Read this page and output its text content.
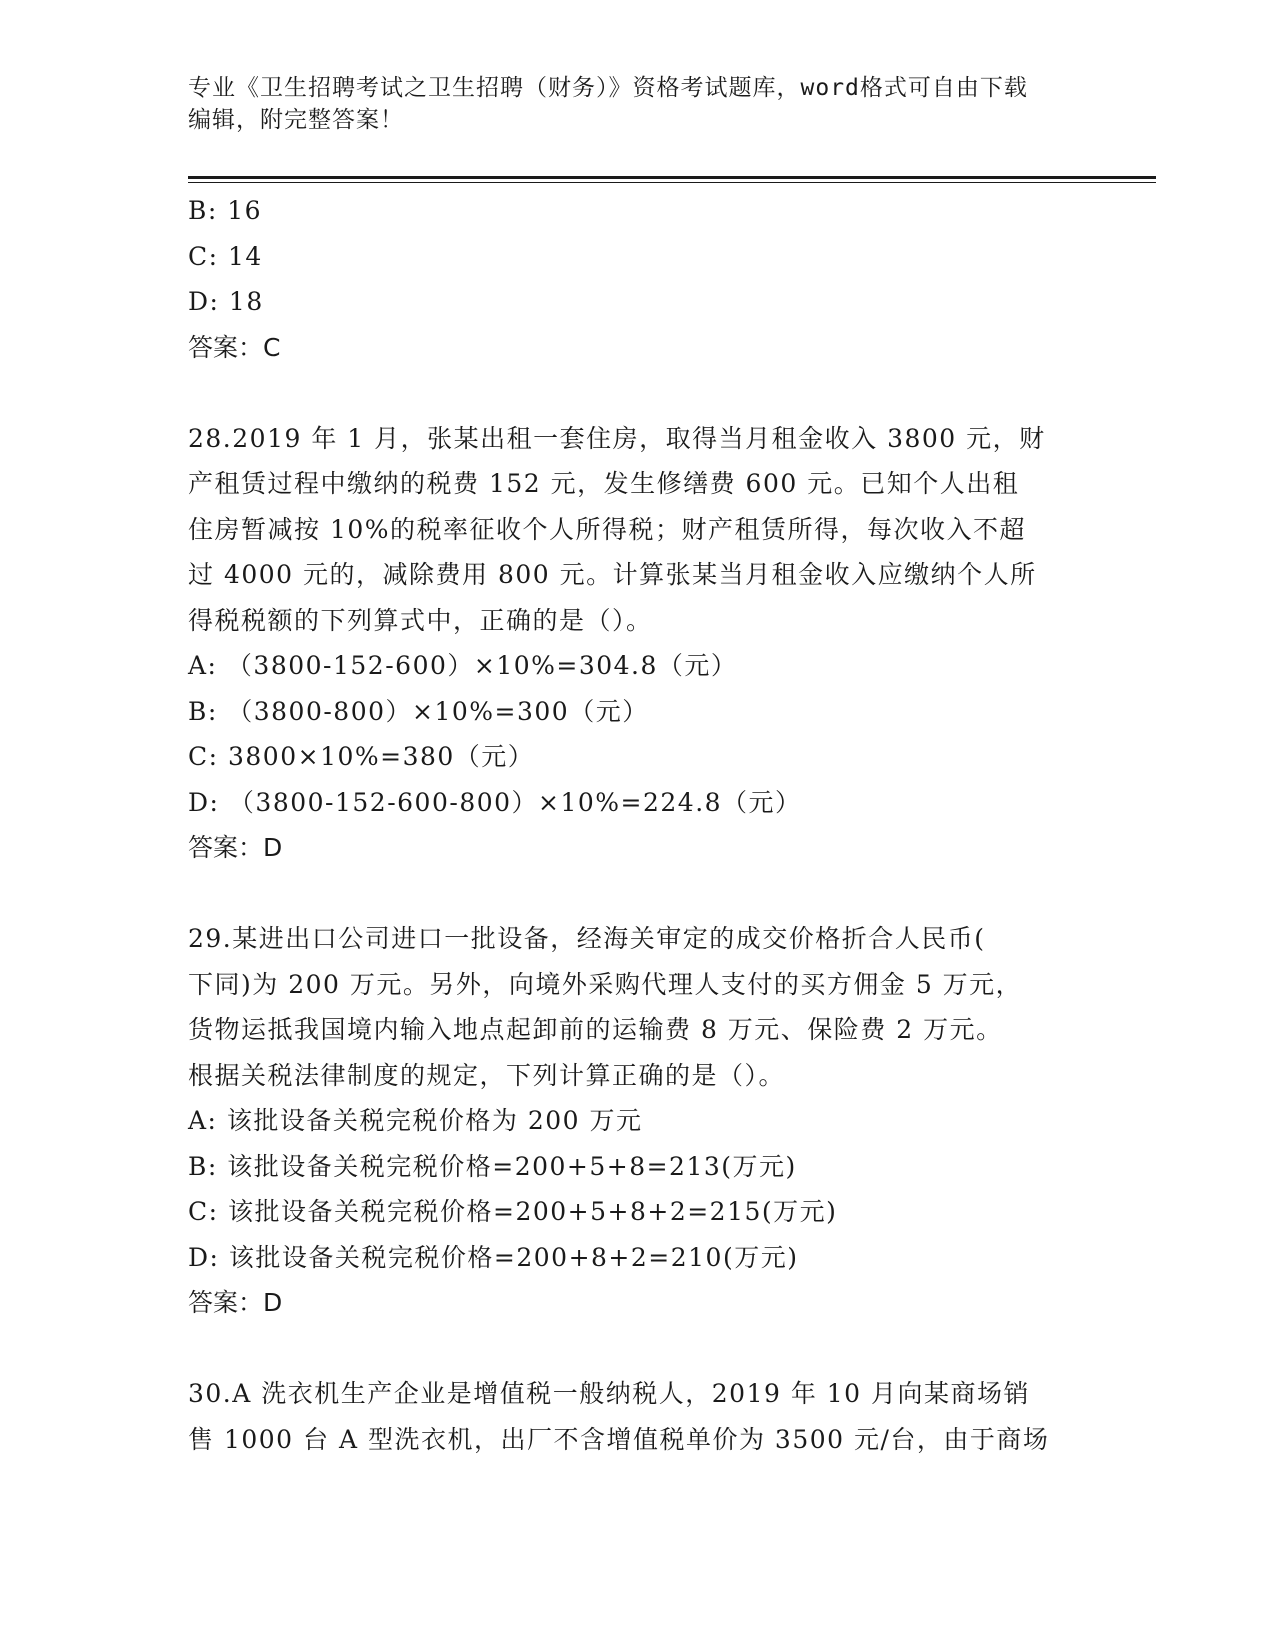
专业《卫生招聘考试之卫生招聘（财务）》资格考试题库，word格式可自由下载
编辑，附完整答案！
B: 16
C: 14
D: 18
答案：C
28.2019 年 1 月，张某出租一套住房，取得当月租金收入 3800 元，财
产租赁过程中缴纳的税费 152 元，发生修缮费 600 元。已知个人出租
住房暂减按 10%的税率征收个人所得税；财产租赁所得，每次收入不超
过 4000 元的，减除费用 800 元。计算张某当月租金收入应缴纳个人所
得税税额的下列算式中，正确的是（）。
A: （3800-152-600）×10%=304.8（元）
B: （3800-800）×10%=300（元）
C: 3800×10%=380（元）
D: （3800-152-600-800）×10%=224.8（元）
答案：D
29.某进出口公司进口一批设备，经海关审定的成交价格折合人民币(
下同)为 200 万元。另外，向境外采购代理人支付的买方佣金 5 万元，
货物运抵我国境内输入地点起卸前的运输费 8 万元、保险费 2 万元。
根据关税法律制度的规定，下列计算正确的是（）。
A: 该批设备关税完税价格为 200 万元
B: 该批设备关税完税价格=200+5+8=213(万元)
C: 该批设备关税完税价格=200+5+8+2=215(万元)
D: 该批设备关税完税价格=200+8+2=210(万元)
答案：D
30.A 洗衣机生产企业是增值税一般纳税人，2019 年 10 月向某商场销
售 1000 台 A 型洗衣机，出厂不含增值税单价为 3500 元/台，由于商场
